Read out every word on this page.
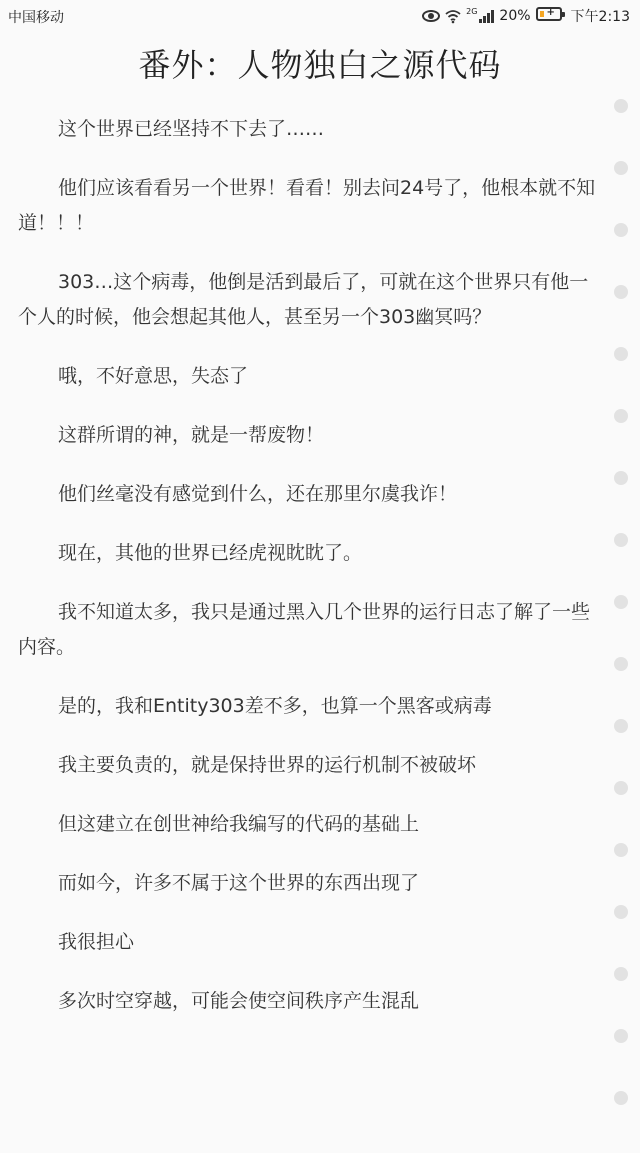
中国移动	2G 20% + 下午2:13
番外：人物独白之源代码

这个世界已经坚持不下去了……

他们应该看看另一个世界！看看！别去问24号了，他根本就不知道！！！

303…这个病毒，他倒是活到最后了，可就在这个世界只有他一个人的时候，他会想起其他人，甚至另一个303幽冥吗？

哦，不好意思，失态了

这群所谓的神，就是一帮废物！

他们丝毫没有感觉到什么，还在那里尔虞我诈！

现在，其他的世界已经虎视眈眈了。

我不知道太多，我只是通过黑入几个世界的运行日志了解了一些内容。

是的，我和Entity303差不多，也算一个黑客或病毒

我主要负责的，就是保持世界的运行机制不被破坏

但这建立在创世神给我编写的代码的基础上

而如今，许多不属于这个世界的东西出现了

我很担心

多次时空穿越，可能会使空间秩序产生混乱
